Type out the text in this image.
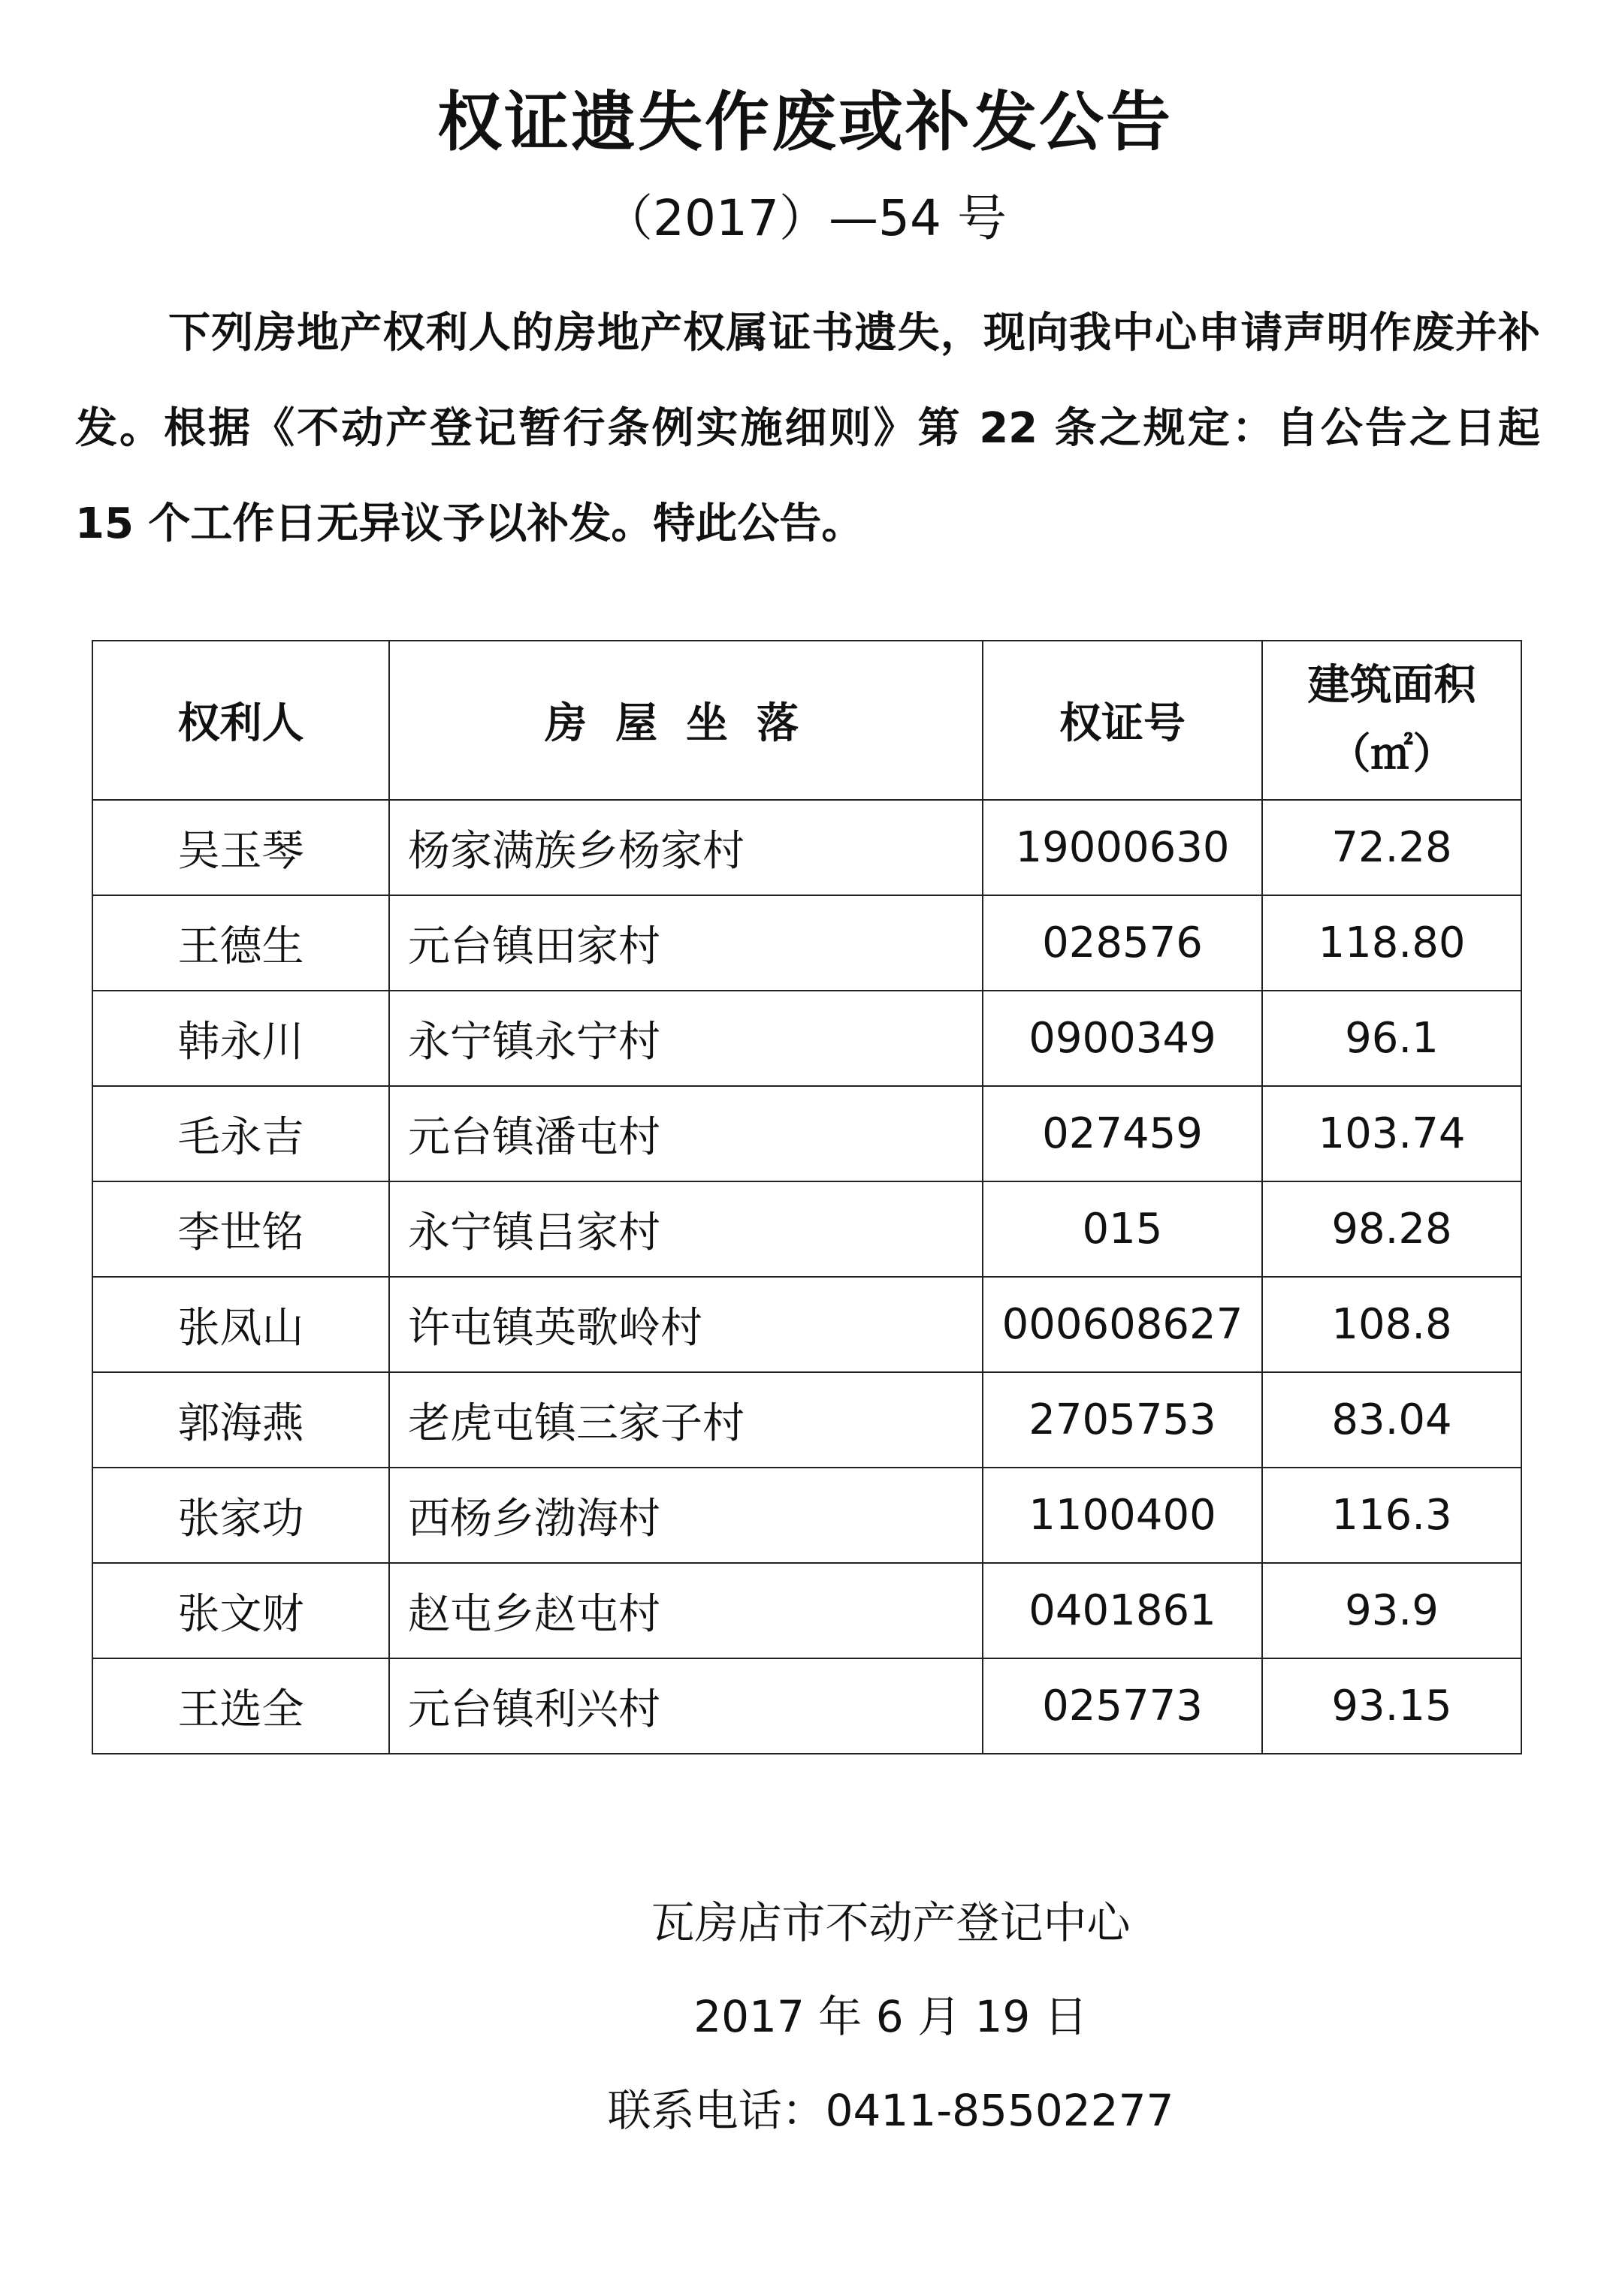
权证遗失作废或补发公告
（2017）—54 号

下列房地产权利人的房地产权属证书遗失，现向我中心申请声明作废并补发。根据《不动产登记暂行条例实施细则》第 22 条之规定：自公告之日起 15 个工作日无异议予以补发。特此公告。

权利人	房屋坐落	权证号	建筑面积
（㎡）

吴玉琴	杨家满族乡杨家村	19000630	72.28
王德生	元台镇田家村	028576	118.80
韩永川	永宁镇永宁村	0900349	96.1
毛永吉	元台镇潘屯村	027459	103.74
李世铭	永宁镇吕家村	015	98.28
张凤山	许屯镇英歌岭村	000608627	108.8
郭海燕	老虎屯镇三家子村	2705753	83.04
张家功	西杨乡渤海村	1100400	116.3
张文财	赵屯乡赵屯村	0401861	93.9
王选全	元台镇利兴村	025773	93.15
瓦房店市不动产登记中心
2017 年 6 月 19 日
联系电话：0411-85502277
